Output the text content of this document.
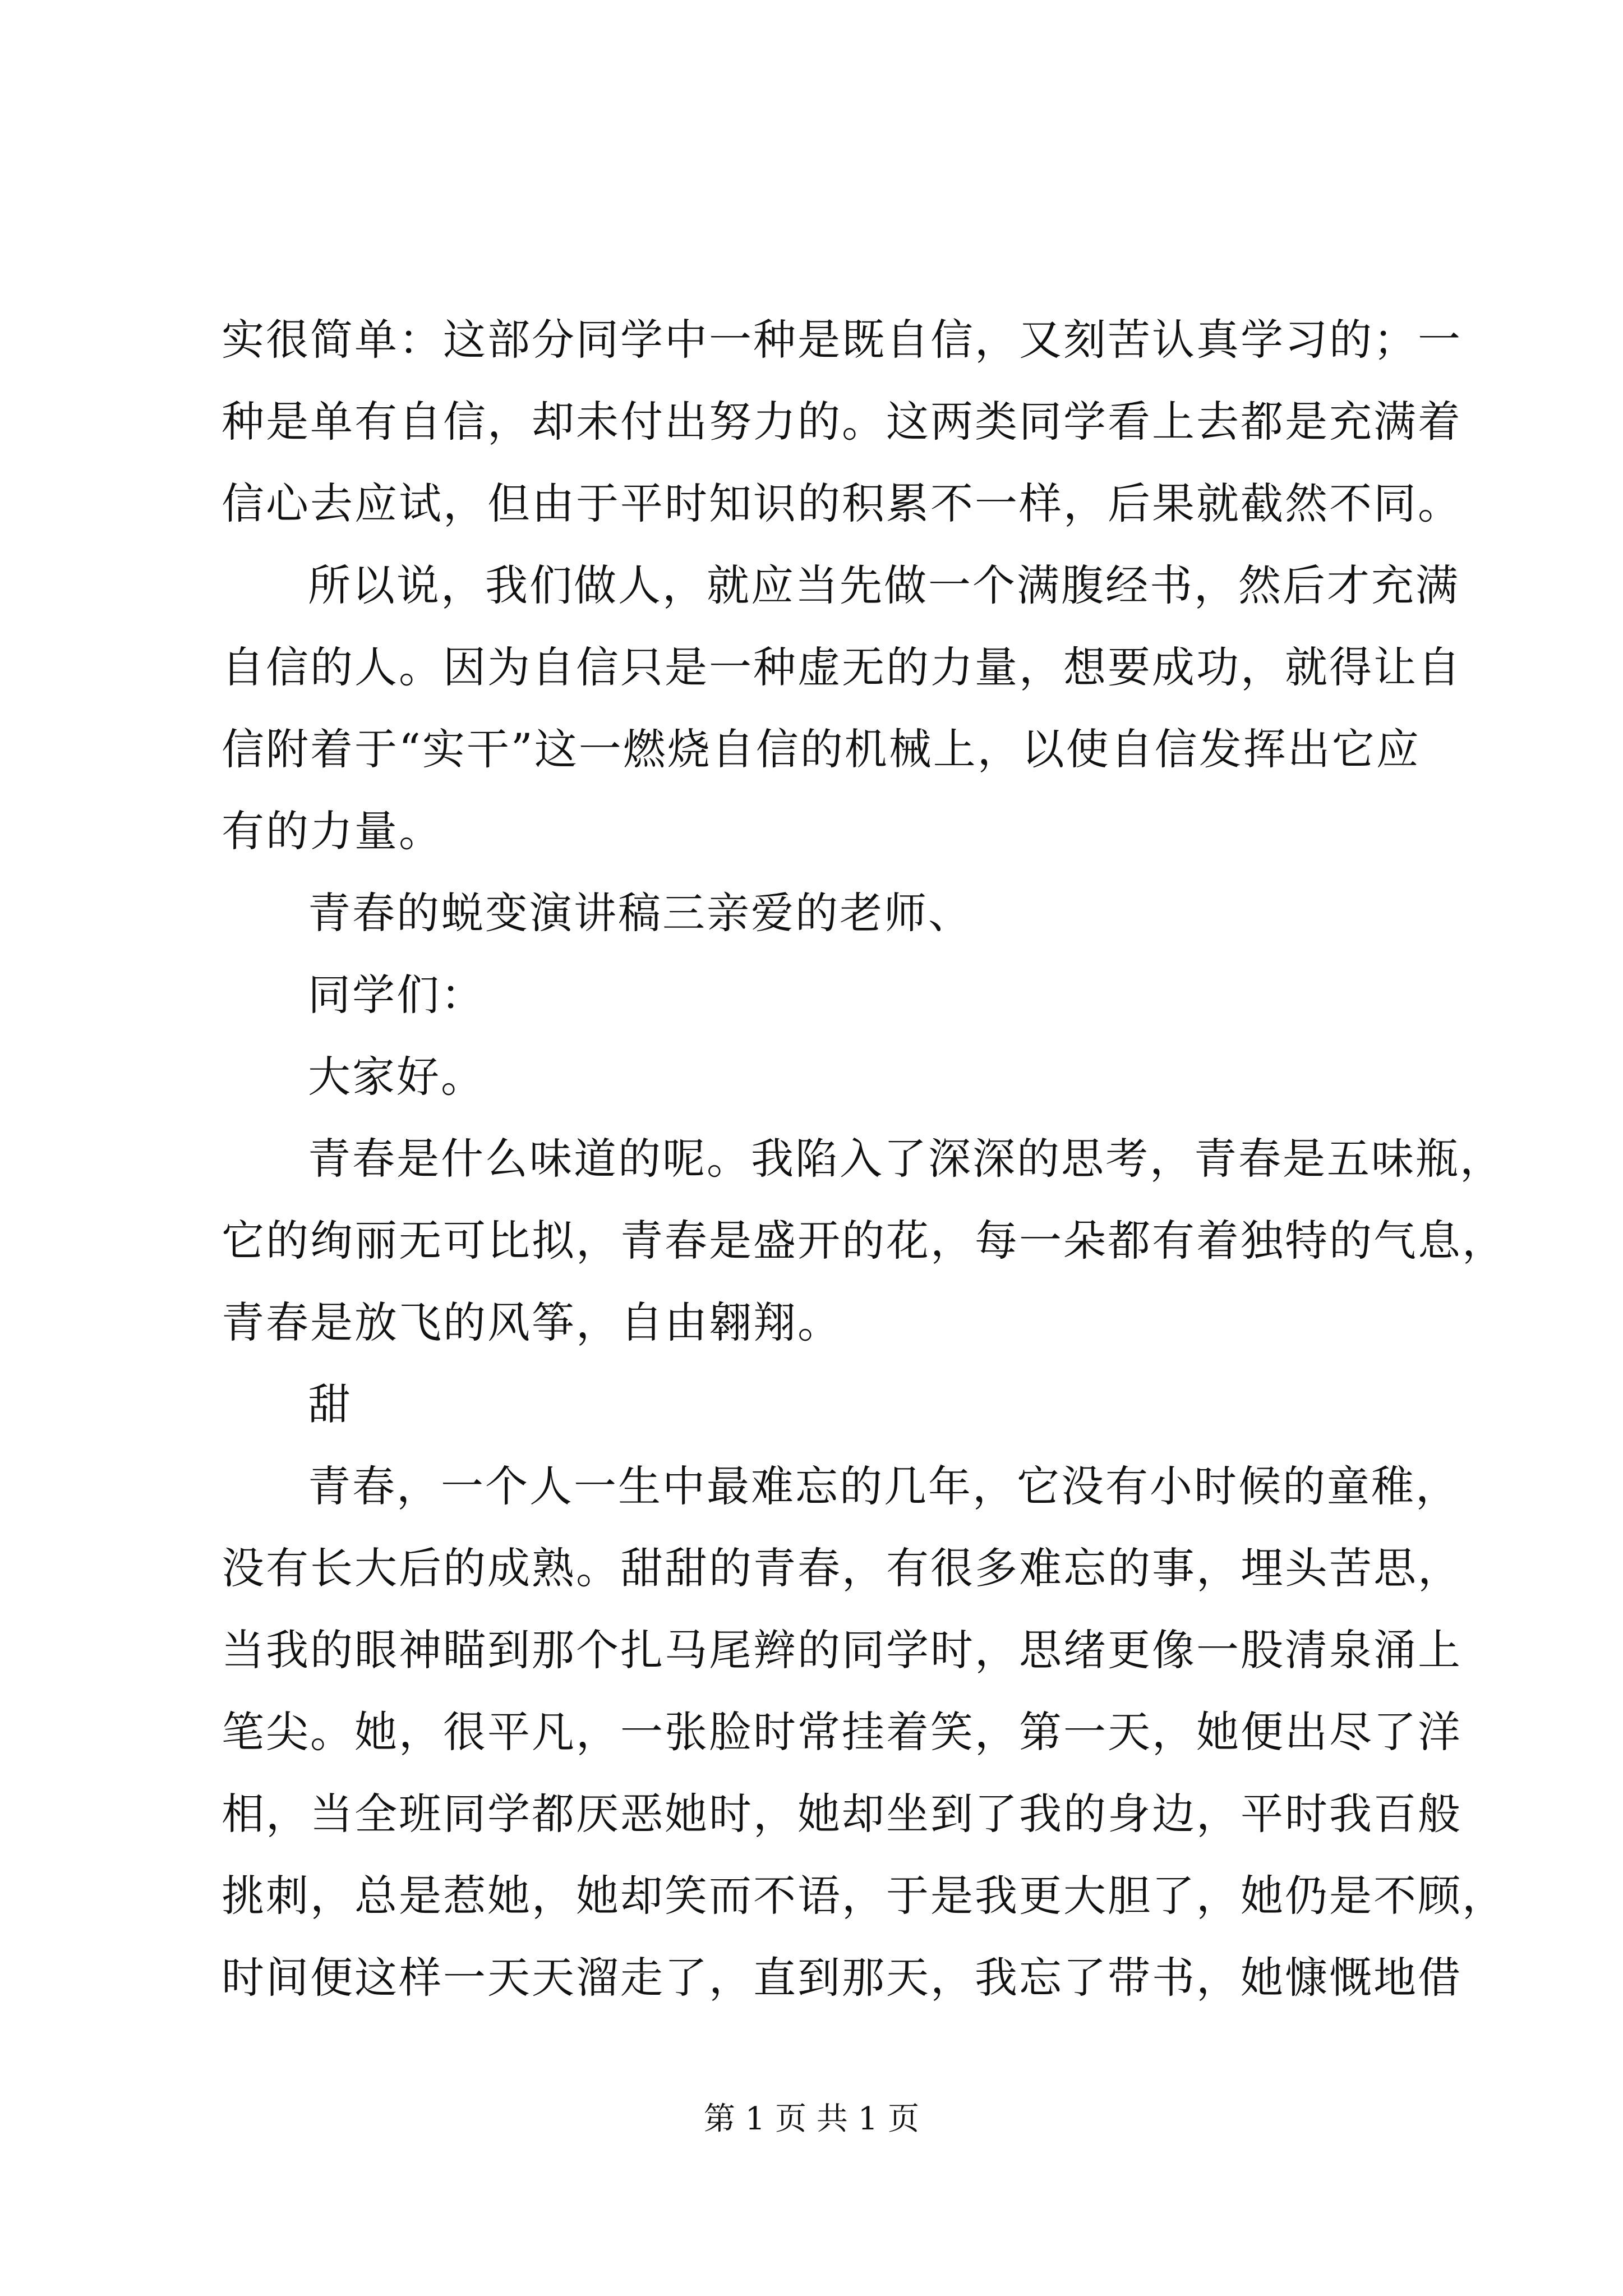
实很简单：这部分同学中一种是既自信，又刻苦认真学习的；一
种是单有自信，却未付出努力的。这两类同学看上去都是充满着
信心去应试，但由于平时知识的积累不一样，后果就截然不同。
所以说，我们做人，就应当先做一个满腹经书，然后才充满
自信的人。因为自信只是一种虚无的力量，想要成功，就得让自
信附着于“实干”这一燃烧自信的机械上，以使自信发挥出它应
有的力量。
青春的蜕变演讲稿三亲爱的老师、
同学们：
大家好。
青春是什么味道的呢。我陷入了深深的思考，青春是五味瓶，
它的绚丽无可比拟，青春是盛开的花，每一朵都有着独特的气息，
青春是放飞的风筝，自由翱翔。
甜
青春，一个人一生中最难忘的几年，它没有小时候的童稚，
没有长大后的成熟。甜甜的青春，有很多难忘的事，埋头苦思，
当我的眼神瞄到那个扎马尾辫的同学时，思绪更像一股清泉涌上
笔尖。她，很平凡，一张脸时常挂着笑，第一天，她便出尽了洋
相，当全班同学都厌恶她时，她却坐到了我的身边，平时我百般
挑刺，总是惹她，她却笑而不语，于是我更大胆了，她仍是不顾，
时间便这样一天天溜走了，直到那天，我忘了带书，她慷慨地借
第 1 页 共 1 页
